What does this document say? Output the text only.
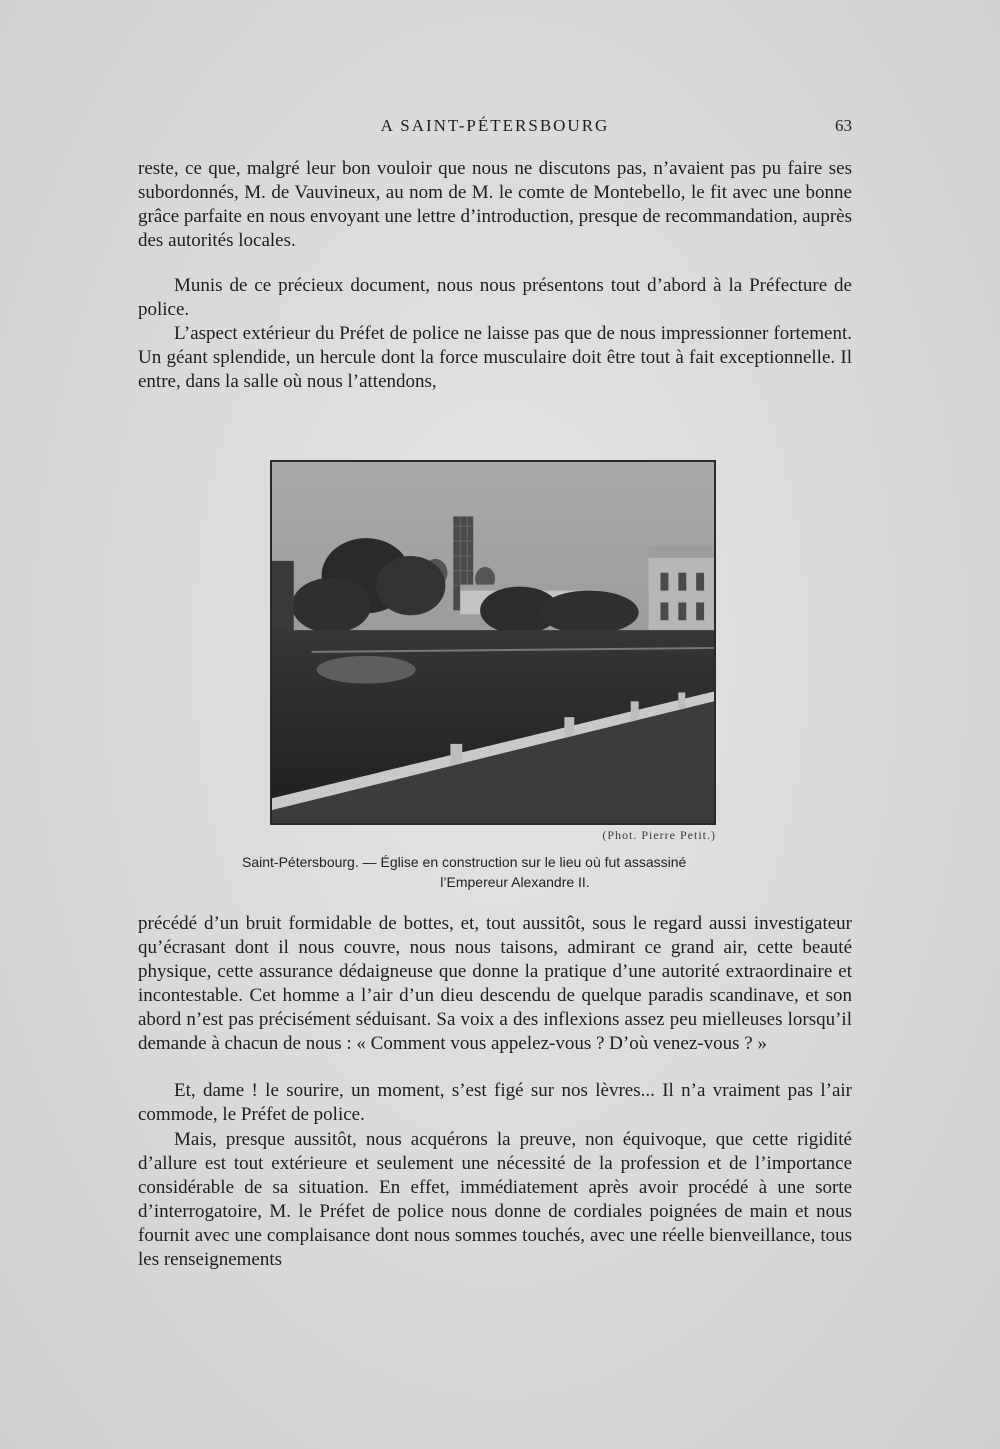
A SAINT-PÉTERSBOURG	63

reste, ce que, malgré leur bon vouloir que nous ne discutons pas, n’avaient pas pu faire ses subordonnés, M. de Vauvineux, au nom de M. le comte de Montebello, le fit avec une bonne grâce parfaite en nous envoyant une lettre d’introduction, presque de recommandation, auprès des autorités locales.

Munis de ce précieux document, nous nous présentons tout d’abord à la Préfecture de police.

L’aspect extérieur du Préfet de police ne laisse pas que de nous impressionner fortement. Un géant splendide, un hercule dont la force musculaire doit être tout à fait exceptionnelle. Il entre, dans la salle où nous l’attendons,

(Phot. Pierre Petit.)
Saint-Pétersbourg. — Église en construction sur le lieu où fut assassiné
l’Empereur Alexandre II.

précédé d’un bruit formidable de bottes, et, tout aussitôt, sous le regard aussi investigateur qu’écrasant dont il nous couvre, nous nous taisons, admirant ce grand air, cette beauté physique, cette assurance dédaigneuse que donne la pratique d’une autorité extraordinaire et incontestable. Cet homme a l’air d’un dieu descendu de quelque paradis scandinave, et son abord n’est pas précisément séduisant. Sa voix a des inflexions assez peu mielleuses lorsqu’il demande à chacun de nous : « Comment vous appelez-vous ? D’où venez-vous ? »

Et, dame ! le sourire, un moment, s’est figé sur nos lèvres... Il n’a vraiment pas l’air commode, le Préfet de police.

Mais, presque aussitôt, nous acquérons la preuve, non équivoque, que cette rigidité d’allure est tout extérieure et seulement une nécessité de la profession et de l’importance considérable de sa situation. En effet, immédiatement après avoir procédé à une sorte d’interrogatoire, M. le Préfet de police nous donne de cordiales poignées de main et nous fournit avec une complaisance dont nous sommes touchés, avec une réelle bienveillance, tous les renseignements
